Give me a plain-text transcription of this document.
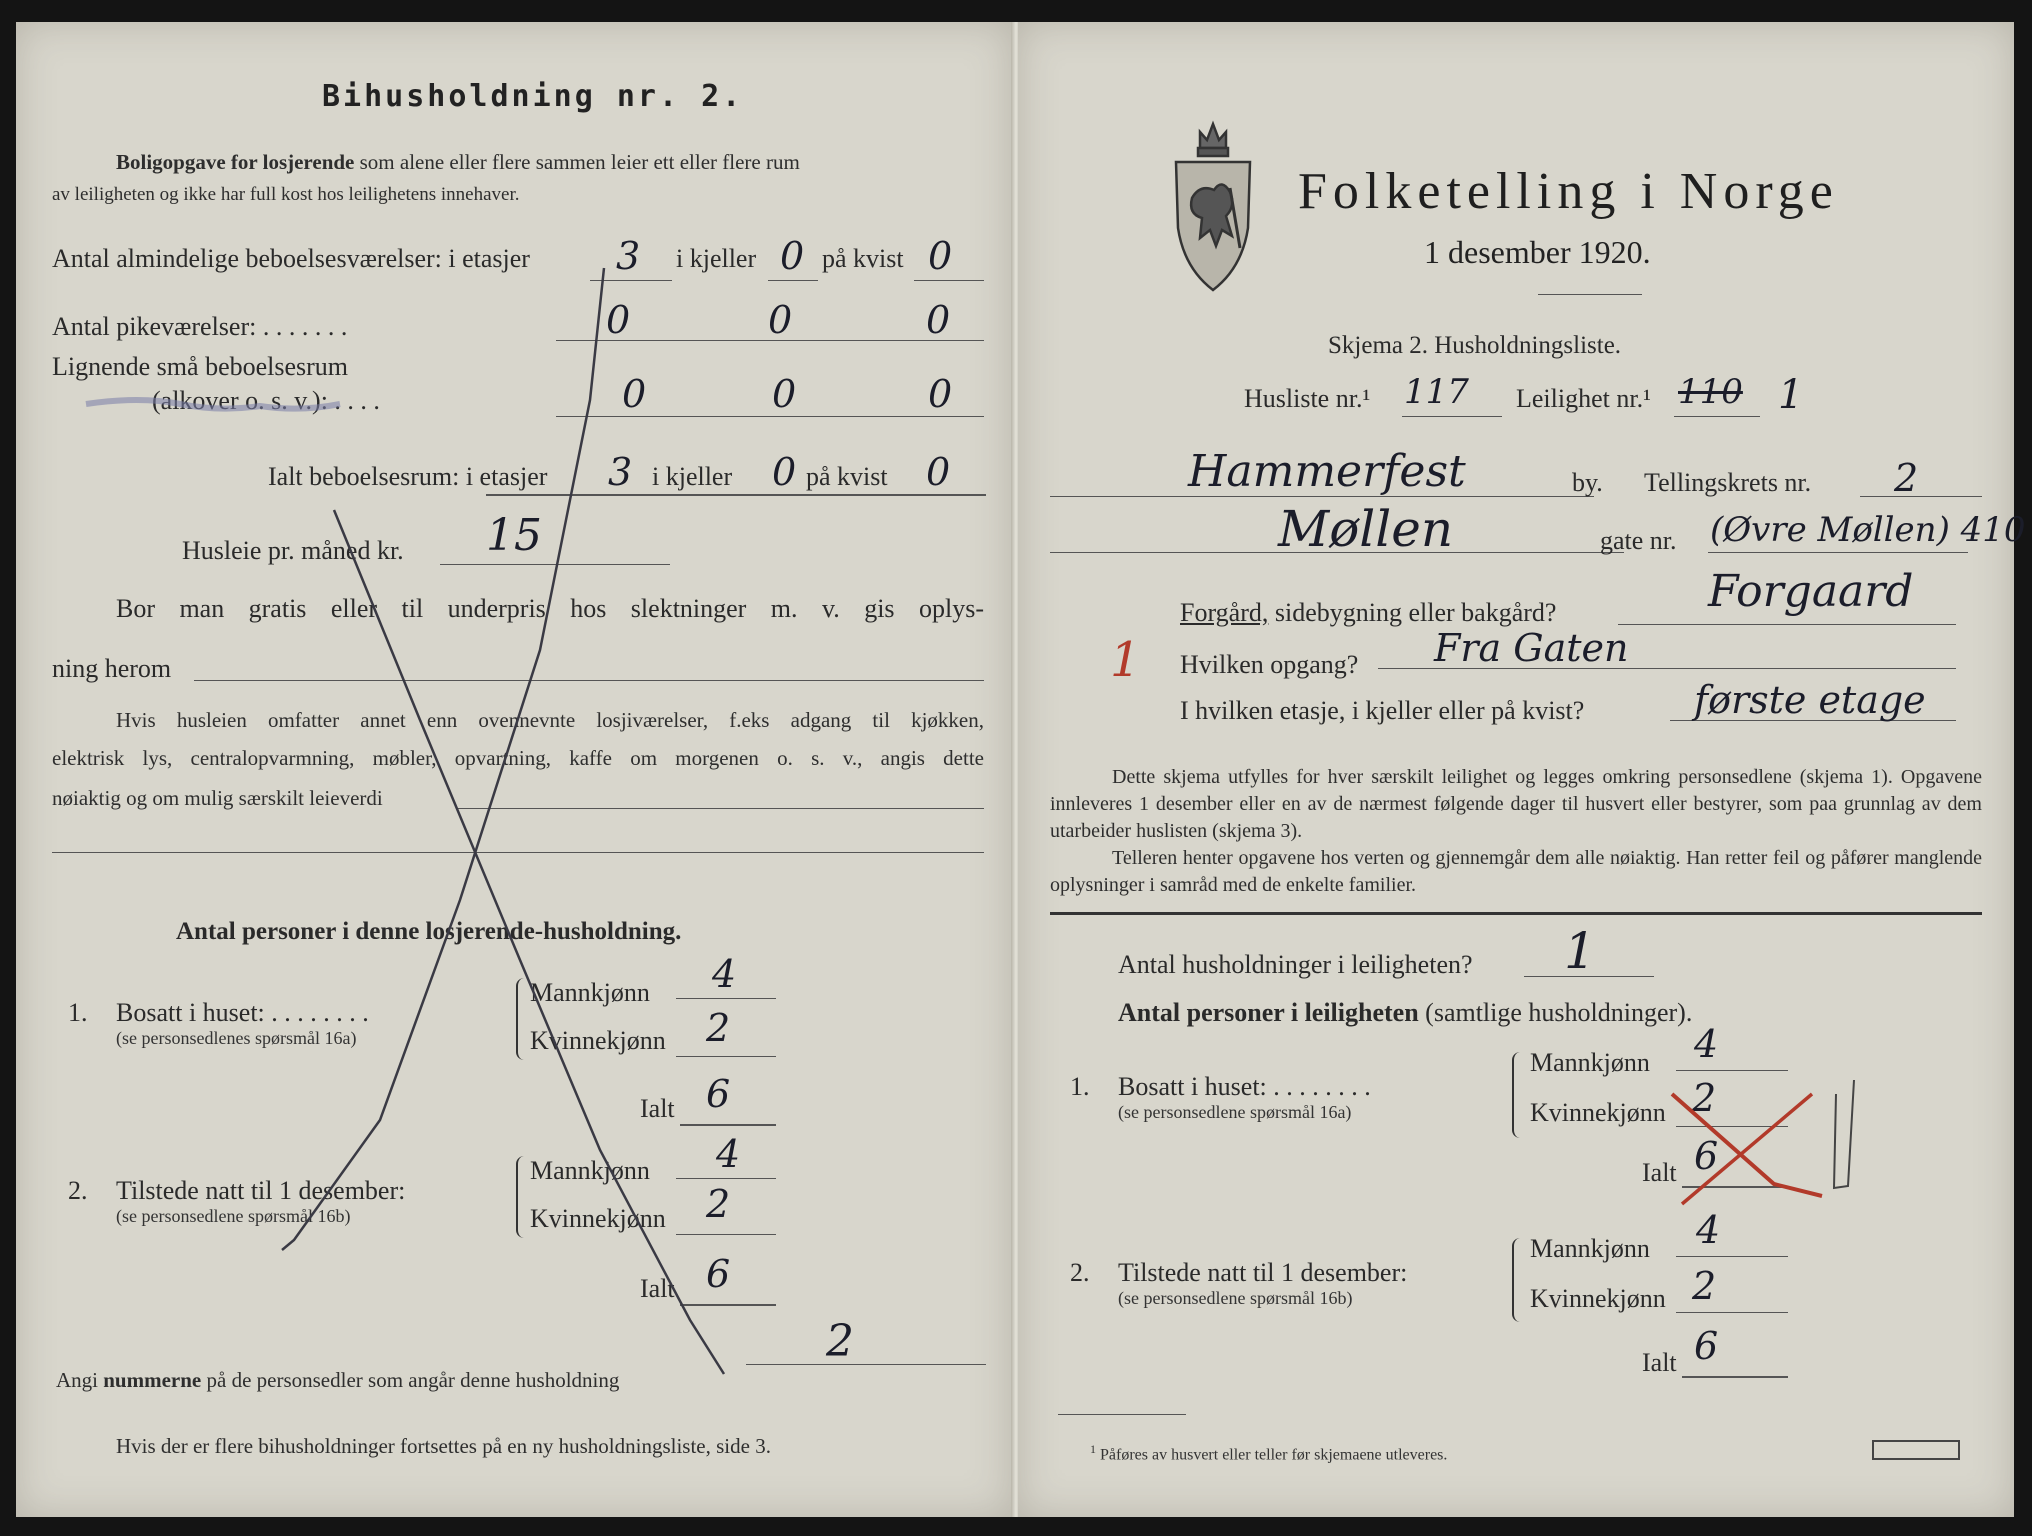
Bihusholdning nr. 2.
Boligopgave for losjerende som alene eller flere sammen leier ett eller flere rum
av leiligheten og ikke har full kost hos leilighetens innehaver.
Antal almindelige beboelsesværelser: i etasjer 3 i kjeller 0 på kvist 0
Antal pikeværelser: . . . . . . .	0	0	0
Lignende små beboelsesrum
(alkover o. s. v.): . . . .	0	0	0
Ialt beboelsesrum: i etasjer 3 i kjeller 0 på kvist 0
Husleie pr. måned kr. 15
Bor man gratis eller til underpris hos slektninger m. v. gis oplys-
ning herom
Hvis husleien omfatter annet enn ovennevnte losjiværelser, f.eks adgang til kjøkken,
elektrisk lys, centralopvarmning, møbler, opvartning, kaffe om morgenen o. s. v., angis dette
nøiaktig og om mulig særskilt leieverdi
Antal personer i denne losjerende-husholdning.
1. Bosatt i huset: . . . . . . . .
(se personsedlenes spørsmål 16a)
Mannkjønn 4
Kvinnekjønn 2
Ialt 6
2. Tilstede natt til 1 desember:
(se personsedlene spørsmål 16b)
Mannkjønn 4
Kvinnekjønn 2
Ialt 6
Angi nummerne på de personsedler som angår denne husholdning
2
Hvis der er flere bihusholdninger fortsettes på en ny husholdningsliste, side 3.
Folketelling i Norge
1 desember 1920.
Skjema 2. Husholdningsliste.
Husliste nr.¹ 117 Leilighet nr.¹ 110 1
Hammerfest	by. Tellingskrets nr. 2
Møllen	gate nr. (Øvre Møllen) 410
Forgård, sidebygning eller bakgård?	Forgaard
1 Hvilken opgang? Fra Gaten
I hvilken etasje, i kjeller eller på kvist?	første etage
Dette skjema utfylles for hver særskilt leilighet og legges omkring personsedlene (skjema 1). Opgavene innleveres 1 desember eller en av de nærmest følgende dager til husvert eller bestyrer, som paa grunnlag av dem utarbeider huslisten (skjema 3).
Telleren henter opgavene hos verten og gjennemgår dem alle nøiaktig. Han retter feil og påfører manglende oplysninger i samråd med de enkelte familier.
Antal husholdninger i leiligheten? 1
Antal personer i leiligheten (samtlige husholdninger).
1. Bosatt i huset: . . . . . . . .
(se personsedlene spørsmål 16a)
Mannkjønn 4
Kvinnekjønn 2
Ialt 6
2. Tilstede natt til 1 desember:
(se personsedlene spørsmål 16b)
Mannkjønn 4
Kvinnekjønn 2
Ialt 6
$^1$ Påføres av husvert eller teller før skjemaene utleveres.
